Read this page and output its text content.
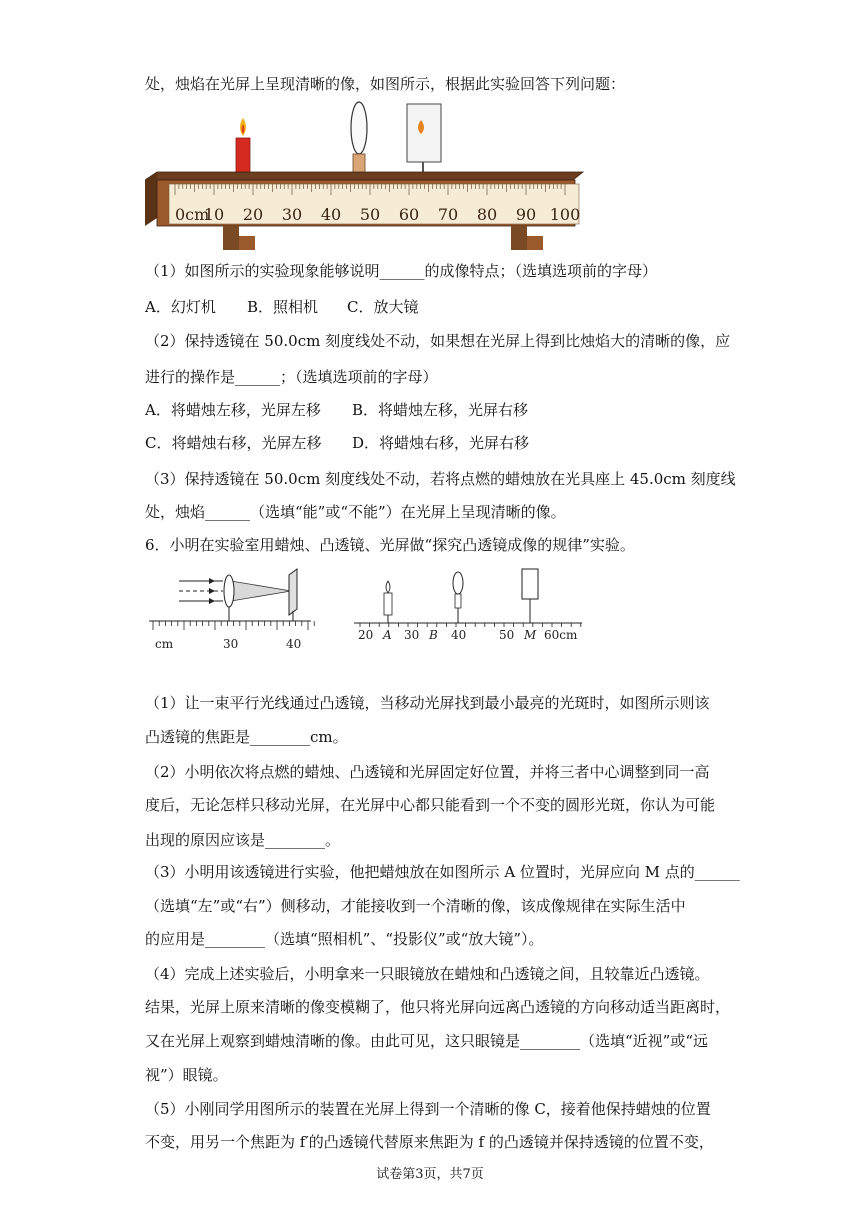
处，烛焰在光屏上呈现清晰的像，如图所示，根据此实验回答下列问题：
0cm
10 20 30 40 50 60 70 80 90 100
（1）如图所示的实验现象能够说明______的成像特点；（选填选项前的字母）
A．幻灯机 B．照相机 C．放大镜
（2）保持透镜在 50.0cm 刻度线处不动，如果想在光屏上得到比烛焰大的清晰的像，应
进行的操作是______；（选填选项前的字母）
A．将蜡烛左移，光屏左移 B．将蜡烛左移，光屏右移
C．将蜡烛右移，光屏左移 D．将蜡烛右移，光屏右移
（3）保持透镜在 50.0cm 刻度线处不动，若将点燃的蜡烛放在光具座上 45.0cm 刻度线
处，烛焰______（选填“能”或“不能”）在光屏上呈现清晰的像。
6．小明在实验室用蜡烛、凸透镜、光屏做“探究凸透镜成像的规律”实验。
cm	30	40
20 A 30 B 40	50 M 60cm
（1）让一束平行光线通过凸透镜，当移动光屏找到最小最亮的光斑时，如图所示则该
凸透镜的焦距是________cm。
（2）小明依次将点燃的蜡烛、凸透镜和光屏固定好位置，并将三者中心调整到同一高
度后，无论怎样只移动光屏，在光屏中心都只能看到一个不变的圆形光斑，你认为可能
出现的原因应该是________。
（3）小明用该透镜进行实验，他把蜡烛放在如图所示 A 位置时，光屏应向 M 点的______
（选填“左”或“右”）侧移动，才能接收到一个清晰的像，该成像规律在实际生活中
的应用是________（选填“照相机”、“投影仪”或“放大镜”）。
（4）完成上述实验后，小明拿来一只眼镜放在蜡烛和凸透镜之间，且较靠近凸透镜。
结果，光屏上原来清晰的像变模糊了，他只将光屏向远离凸透镜的方向移动适当距离时，
又在光屏上观察到蜡烛清晰的像。由此可见，这只眼镜是________（选填“近视”或“远
视”）眼镜。
（5）小刚同学用图所示的装置在光屏上得到一个清晰的像 C，接着他保持蜡烛的位置
不变，用另一个焦距为 f′的凸透镜代替原来焦距为 f 的凸透镜并保持透镜的位置不变，
试卷第3页，共7页
